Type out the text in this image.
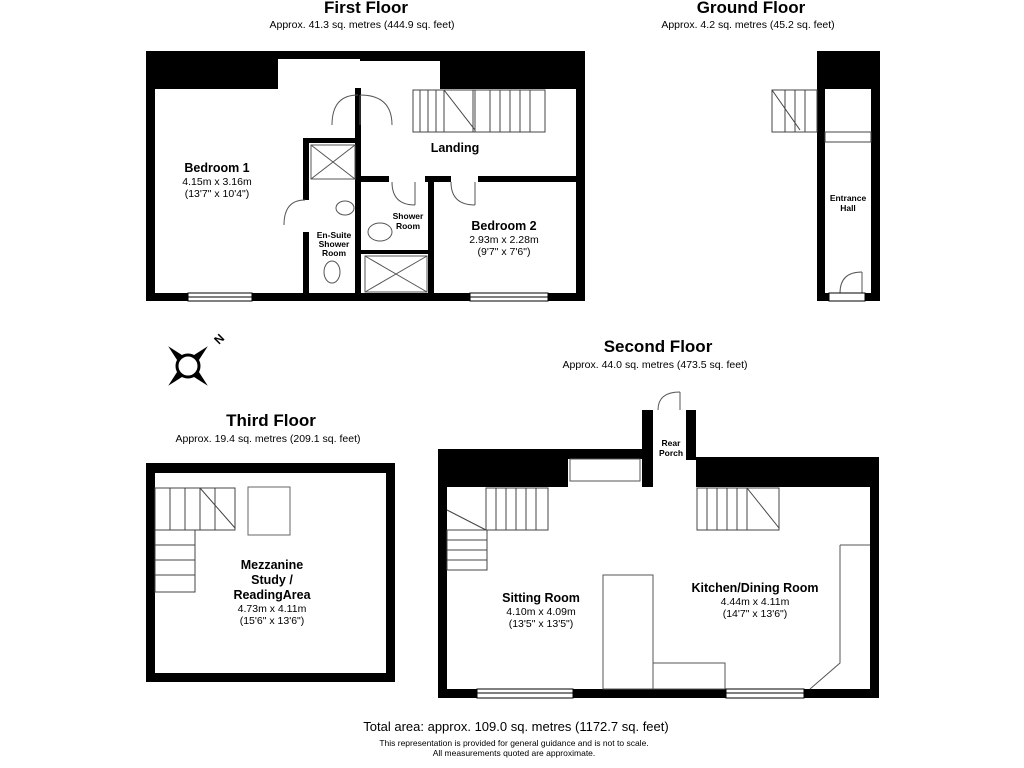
First Floor
Approx. 41.3 sq. metres (444.9 sq. feet)
Bedroom 1
4.15m x 3.16m
(13'7" x 10'4")
Landing
En-Suite
Shower
Room
Shower
Room	Bedroom 2
2.93m x 2.28m
(9'7" x 7'6")
Ground Floor
Approx. 4.2 sq. metres (45.2 sq. feet)
Entrance
Hall
N
Third Floor
Approx. 19.4 sq. metres (209.1 sq. feet)
Mezzanine
Study /
ReadingArea
4.73m x 4.11m
(15'6" x 13'6")
Second Floor
Approx. 44.0 sq. metres (473.5 sq. feet)
Rear
Porch
Sitting Room
4.10m x 4.09m
(13'5" x 13'5")
Kitchen/Dining Room
4.44m x 4.11m
(14'7" x 13'6")
Total area: approx. 109.0 sq. metres (1172.7 sq. feet)
This representation is provided for general guidance and is not to scale.
All measurements quoted are approximate.
